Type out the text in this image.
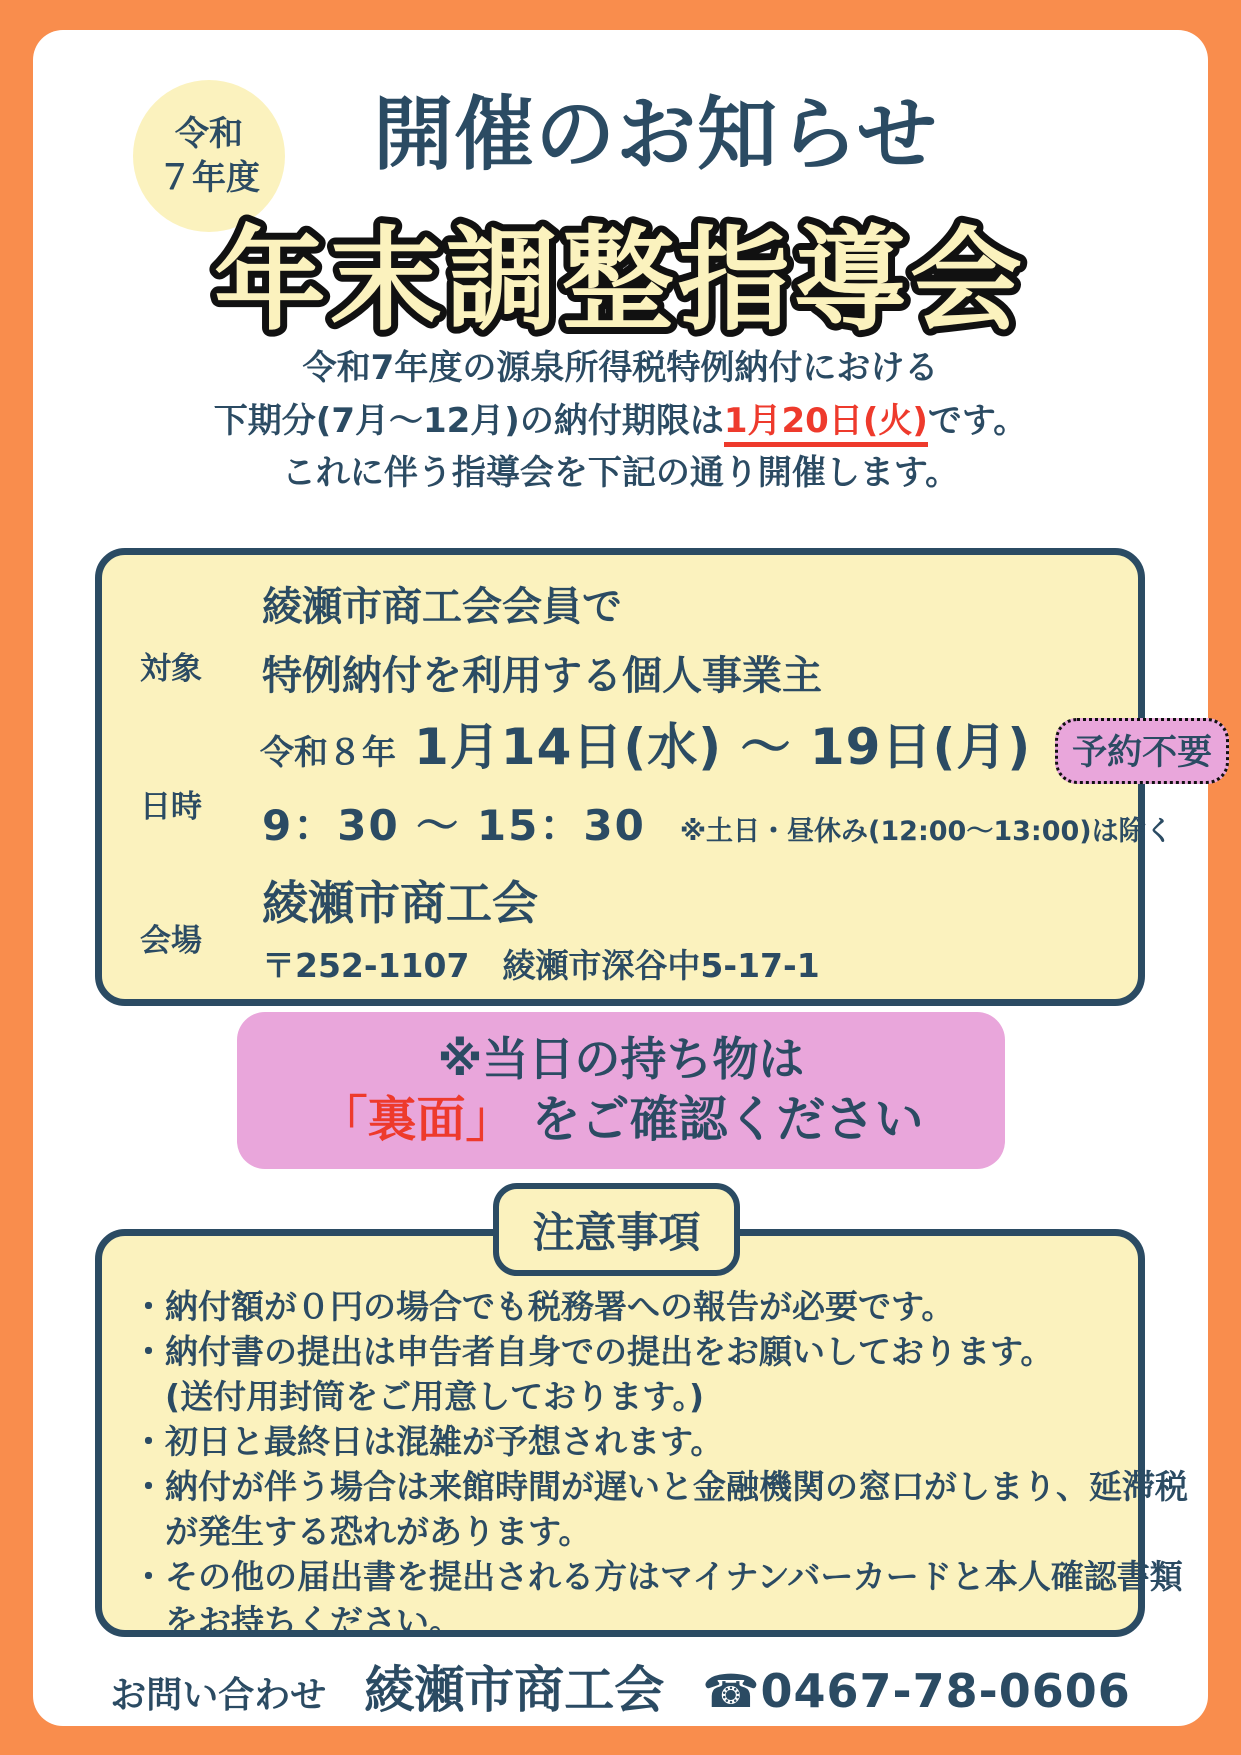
令和
７年度	開催のお知らせ
年末調整指導会
令和7年度の源泉所得税特例納付における
下期分(7月～12月)の納付期限は1月20日(火)です。
これに伴う指導会を下記の通り開催します。
対象
綾瀬市商工会会員で
特例納付を利用する個人事業主
日時
令和８年 1月14日(水) ～ 19日(月)	予約不要
9：30 ～ 15：30 ※土日・昼休み(12:00～13:00)は除く
会場
綾瀬市商工会
〒252-1107　綾瀬市深谷中5-17-1
※当日の持ち物は
「裏面」 をご確認ください
注意事項
・納付額が０円の場合でも税務署への報告が必要です。
・納付書の提出は申告者自身での提出をお願いしております。
(送付用封筒をご用意しております。)
・初日と最終日は混雑が予想されます。
・納付が伴う場合は来館時間が遅いと金融機関の窓口がしまり、延滞税
が発生する恐れがあります。
・その他の届出書を提出される方はマイナンバーカードと本人確認書類
をお持ちください。
お問い合わせ 綾瀬市商工会 ☎0467-78-0606
